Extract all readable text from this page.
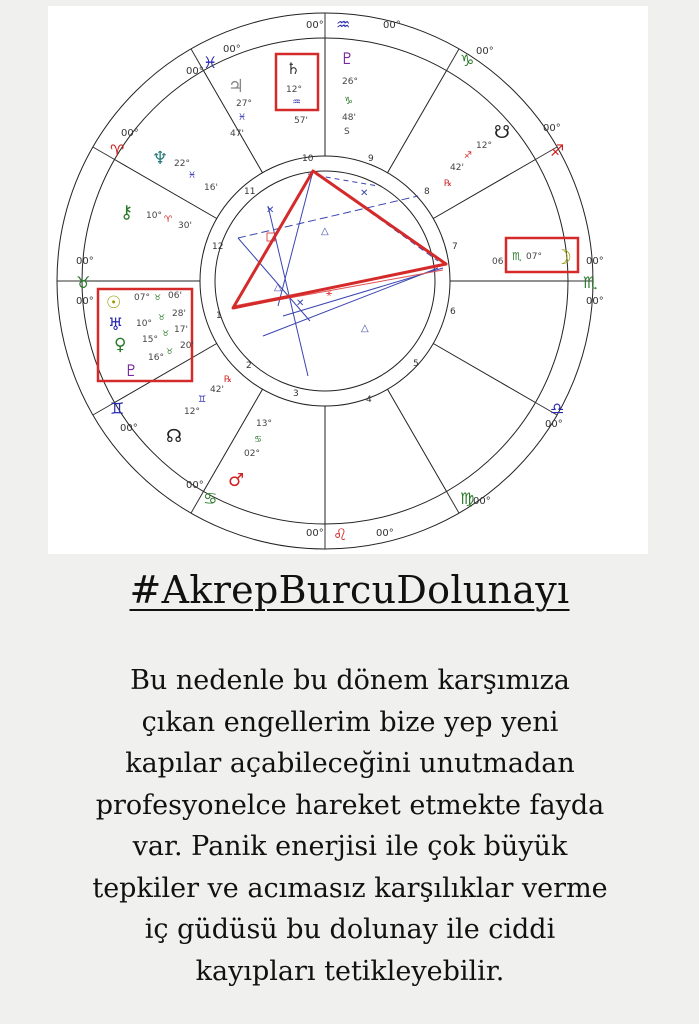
00°	00°
00°
00°
00°
00°
00°
00°
00°
00°
00°
00°
00°
00°
00°
00°
00°
♒
♑
♐
♏
♎
♍
♌
♋
♊
♉
♈
♓
1
2
3
4
5
6
7
8
9
10
11
12
△
△
△
✕
✕
✕
⚹
♄
12°
♒
57'
♇
26°
♑
48'
S
♃
27°
♓
47'
♆ 22°
♓
16'
⚷ 10° ♈
30'
☋
12°
♐
42'
℞
06 ♏ 07° ☽
☉ 07° ♉ 06'
♅ 10°
♉ 28'
♀ 15°
♉ 17'
16°
♉
20'
♇
42'
℞
♊
12°
☊
13°
♋
02°
♂
#AkrepBurcuDolunayı

Bu nedenle bu dönem karşımıza
çıkan engellerim bize yep yeni
kapılar açabileceğini unutmadan
profesyonelce hareket etmekte fayda
var. Panik enerjisi ile çok büyük
tepkiler ve acımasız karşılıklar verme
iç güdüsü bu dolunay ile ciddi
kayıpları tetikleyebilir.
